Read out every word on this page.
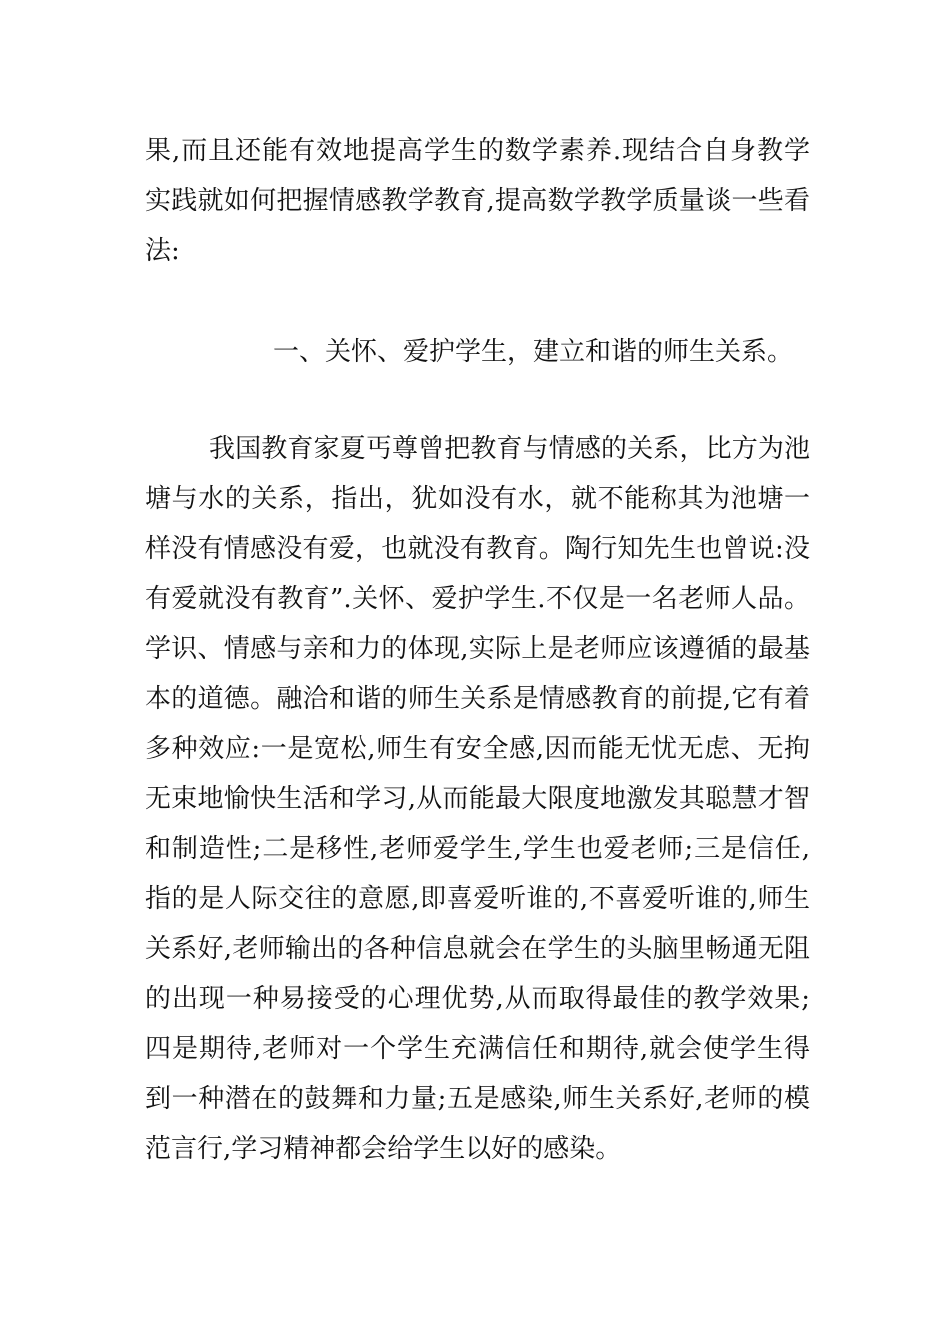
果,而且还能有效地提高学生的数学素养.现结合自身教学实践就如何把握情感教学教育,提高数学教学质量谈一些看法:
一、关怀、爱护学生，建立和谐的师生关系。
我国教育家夏丐尊曾把教育与情感的关系，比方为池塘与水的关系，指出，犹如没有水，就不能称其为池塘一样没有情感没有爱，也就没有教育。陶行知先生也曾说:没有爱就没有教育”.关怀、爱护学生.不仅是一名老师人品。学识、情感与亲和力的体现,实际上是老师应该遵循的最基本的道德。融洽和谐的师生关系是情感教育的前提,它有着多种效应:一是宽松,师生有安全感,因而能无忧无虑、无拘无束地愉快生活和学习,从而能最大限度地激发其聪慧才智和制造性;二是移性,老师爱学生,学生也爱老师;三是信任,指的是人际交往的意愿,即喜爱听谁的,不喜爱听谁的,师生关系好,老师输出的各种信息就会在学生的头脑里畅通无阻的出现一种易接受的心理优势,从而取得最佳的教学效果;四是期待,老师对一个学生充满信任和期待,就会使学生得到一种潜在的鼓舞和力量;五是感染,师生关系好,老师的模范言行,学习精神都会给学生以好的感染。
